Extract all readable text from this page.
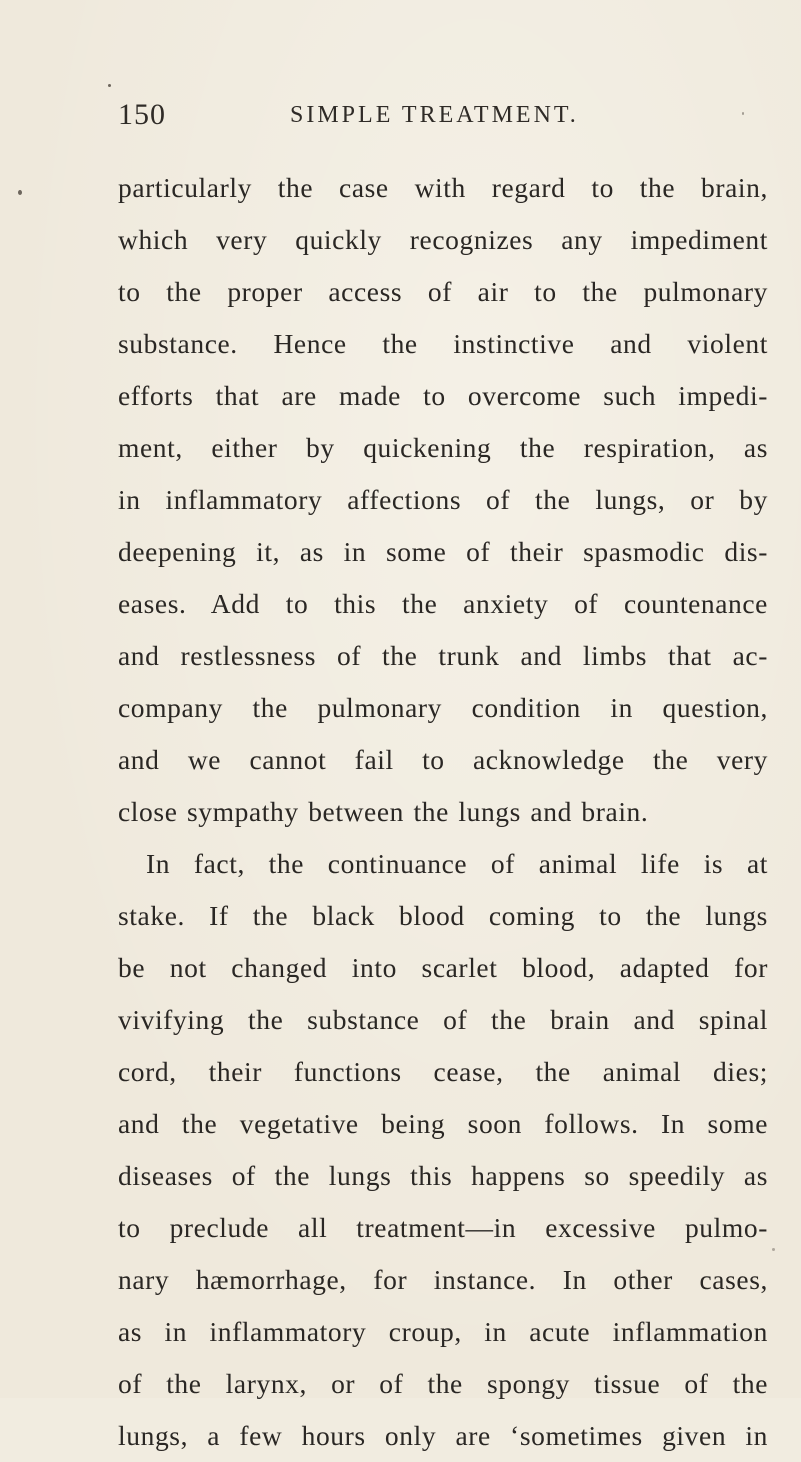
150	SIMPLE TREATMENT.
particularly the case with regard to the brain,
which very quickly recognizes any impediment
to the proper access of air to the pulmonary
substance. Hence the instinctive and violent
efforts that are made to overcome such impedi-
ment, either by quickening the respiration, as
in inflammatory affections of the lungs, or by
deepening it, as in some of their spasmodic dis-
eases. Add to this the anxiety of countenance
and restlessness of the trunk and limbs that ac-
company the pulmonary condition in question,
and we cannot fail to acknowledge the very
close sympathy between the lungs and brain.
In fact, the continuance of animal life is at
stake. If the black blood coming to the lungs
be not changed into scarlet blood, adapted for
vivifying the substance of the brain and spinal
cord, their functions cease, the animal dies;
and the vegetative being soon follows. In some
diseases of the lungs this happens so speedily as
to preclude all treatment—in excessive pulmo-
nary hæmorrhage, for instance. In other cases,
as in inflammatory croup, in acute inflammation
of the larynx, or of the spongy tissue of the
lungs, a few hours only are ‘sometimes given in
